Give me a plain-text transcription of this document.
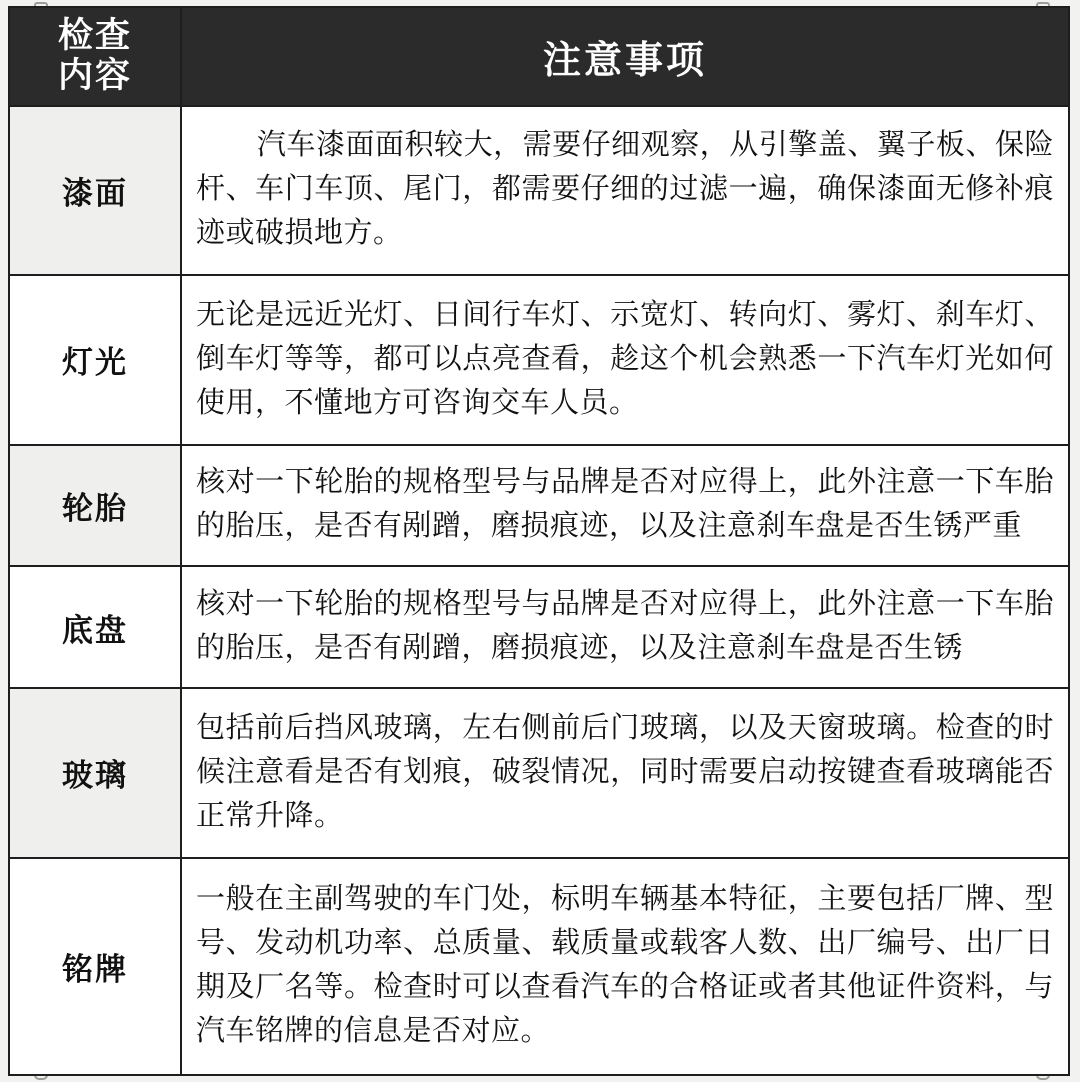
检查
内容	注意事项
漆面	汽车漆面面积较大，需要仔细观察，从引擎盖、翼子板、保险杆、车门车顶、尾门，都需要仔细的过滤一遍，确保漆面无修补痕迹或破损地方。
灯光	无论是远近光灯、日间行车灯、示宽灯、转向灯、雾灯、刹车灯、倒车灯等等，都可以点亮查看，趁这个机会熟悉一下汽车灯光如何使用，不懂地方可咨询交车人员。
轮胎	核对一下轮胎的规格型号与品牌是否对应得上，此外注意一下车胎的胎压，是否有剐蹭，磨损痕迹，以及注意刹车盘是否生锈严重
底盘	核对一下轮胎的规格型号与品牌是否对应得上，此外注意一下车胎的胎压，是否有剐蹭，磨损痕迹，以及注意刹车盘是否生锈
玻璃	包括前后挡风玻璃，左右侧前后门玻璃，以及天窗玻璃。检查的时候注意看是否有划痕，破裂情况，同时需要启动按键查看玻璃能否正常升降。
铭牌	一般在主副驾驶的车门处，标明车辆基本特征，主要包括厂牌、型号、发动机功率、总质量、载质量或载客人数、出厂编号、出厂日期及厂名等。检查时可以查看汽车的合格证或者其他证件资料，与汽车铭牌的信息是否对应。
